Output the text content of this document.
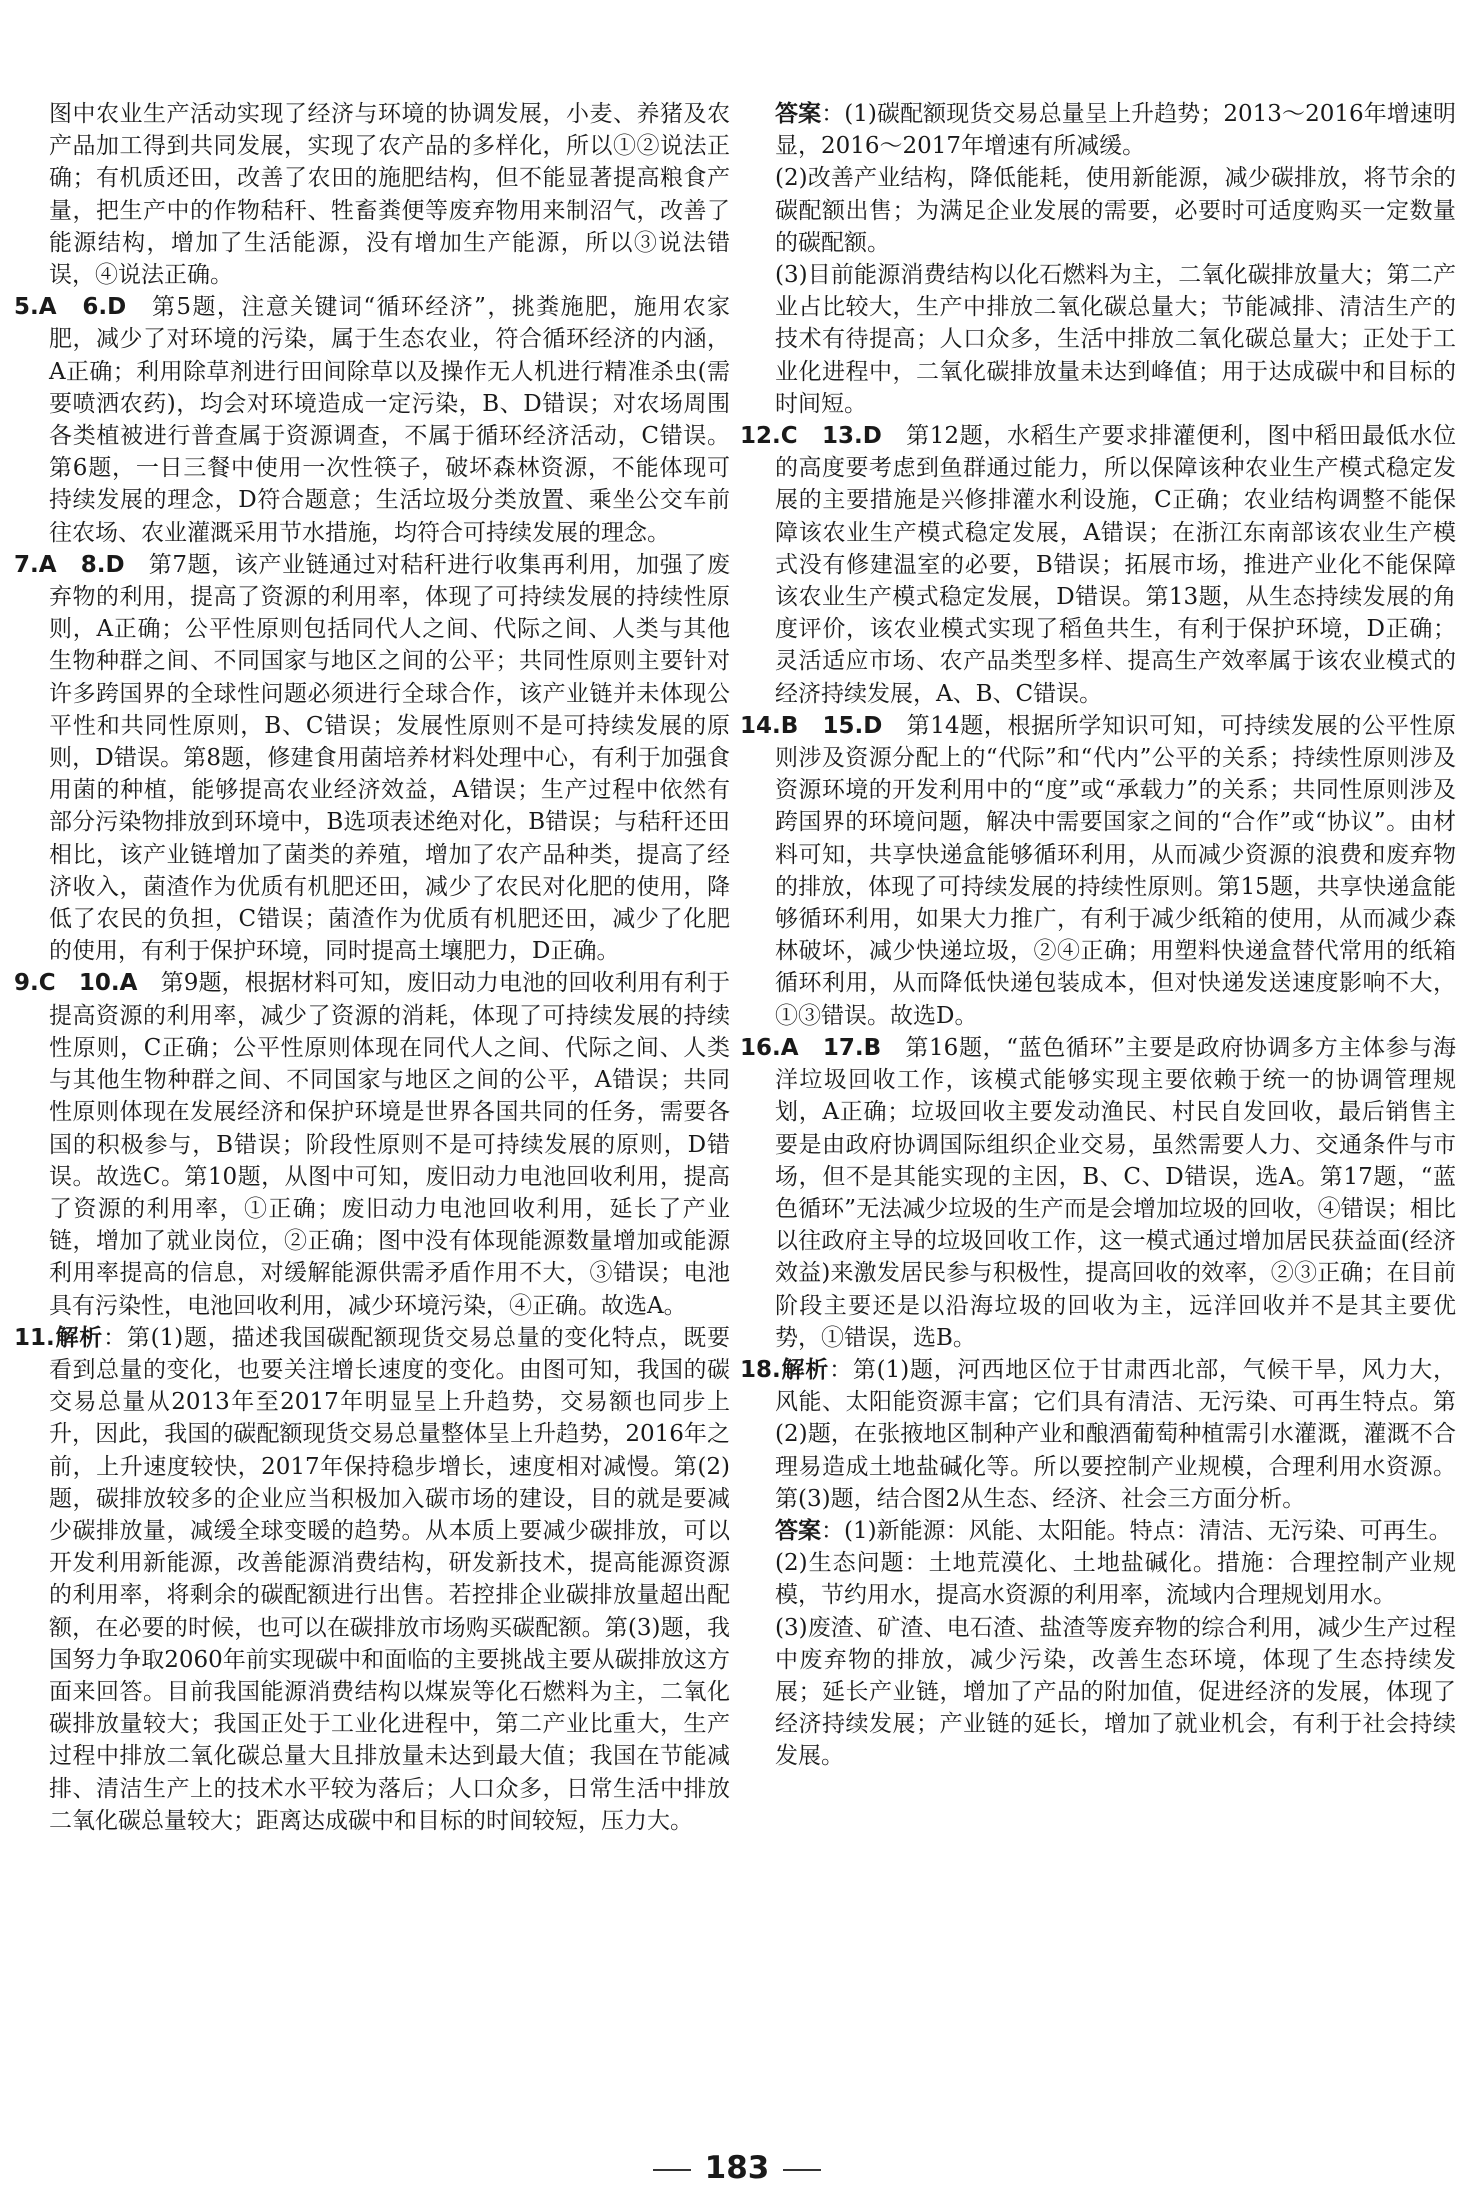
图中农业生产活动实现了经济与环境的协调发展，小麦、养猪及农产品加工得到共同发展，实现了农产品的多样化，所以①②说法正确；有机质还田，改善了农田的施肥结构，但不能显著提高粮食产量，把生产中的作物秸秆、牲畜粪便等废弃物用来制沼气，改善了能源结构，增加了生活能源，没有增加生产能源，所以③说法错误，④说法正确。

5.A　6.D　第5题，注意关键词“循环经济”，挑粪施肥，施用农家肥，减少了对环境的污染，属于生态农业，符合循环经济的内涵，A正确；利用除草剂进行田间除草以及操作无人机进行精准杀虫(需要喷洒农药)，均会对环境造成一定污染，B、D错误；对农场周围各类植被进行普查属于资源调查，不属于循环经济活动，C错误。第6题，一日三餐中使用一次性筷子，破坏森林资源，不能体现可持续发展的理念，D符合题意；生活垃圾分类放置、乘坐公交车前往农场、农业灌溉采用节水措施，均符合可持续发展的理念。

7.A　8.D　第7题，该产业链通过对秸秆进行收集再利用，加强了废弃物的利用，提高了资源的利用率，体现了可持续发展的持续性原则，A正确；公平性原则包括同代人之间、代际之间、人类与其他生物种群之间、不同国家与地区之间的公平；共同性原则主要针对许多跨国界的全球性问题必须进行全球合作，该产业链并未体现公平性和共同性原则，B、C错误；发展性原则不是可持续发展的原则，D错误。第8题，修建食用菌培养材料处理中心，有利于加强食用菌的种植，能够提高农业经济效益，A错误；生产过程中依然有部分污染物排放到环境中，B选项表述绝对化，B错误；与秸秆还田相比，该产业链增加了菌类的养殖，增加了农产品种类，提高了经济收入，菌渣作为优质有机肥还田，减少了农民对化肥的使用，降低了农民的负担，C错误；菌渣作为优质有机肥还田，减少了化肥的使用，有利于保护环境，同时提高土壤肥力，D正确。

9.C　10.A　第9题，根据材料可知，废旧动力电池的回收利用有利于提高资源的利用率，减少了资源的消耗，体现了可持续发展的持续性原则，C正确；公平性原则体现在同代人之间、代际之间、人类与其他生物种群之间、不同国家与地区之间的公平，A错误；共同性原则体现在发展经济和保护环境是世界各国共同的任务，需要各国的积极参与，B错误；阶段性原则不是可持续发展的原则，D错误。故选C。第10题，从图中可知，废旧动力电池回收利用，提高了资源的利用率，①正确；废旧动力电池回收利用，延长了产业链，增加了就业岗位，②正确；图中没有体现能源数量增加或能源利用率提高的信息，对缓解能源供需矛盾作用不大，③错误；电池具有污染性，电池回收利用，减少环境污染，④正确。故选A。

11.解析：第(1)题，描述我国碳配额现货交易总量的变化特点，既要看到总量的变化，也要关注增长速度的变化。由图可知，我国的碳交易总量从2013年至2017年明显呈上升趋势，交易额也同步上升，因此，我国的碳配额现货交易总量整体呈上升趋势，2016年之前，上升速度较快，2017年保持稳步增长，速度相对减慢。第(2)题，碳排放较多的企业应当积极加入碳市场的建设，目的就是要减少碳排放量，减缓全球变暖的趋势。从本质上要减少碳排放，可以开发利用新能源，改善能源消费结构，研发新技术，提高能源资源的利用率，将剩余的碳配额进行出售。若控排企业碳排放量超出配额，在必要的时候，也可以在碳排放市场购买碳配额。第(3)题，我国努力争取2060年前实现碳中和面临的主要挑战主要从碳排放这方面来回答。目前我国能源消费结构以煤炭等化石燃料为主，二氧化碳排放量较大；我国正处于工业化进程中，第二产业比重大，生产过程中排放二氧化碳总量大且排放量未达到最大值；我国在节能减排、清洁生产上的技术水平较为落后；人口众多，日常生活中排放二氧化碳总量较大；距离达成碳中和目标的时间较短，压力大。

答案：(1)碳配额现货交易总量呈上升趋势；2013～2016年增速明显，2016～2017年增速有所减缓。

(2)改善产业结构，降低能耗，使用新能源，减少碳排放，将节余的碳配额出售；为满足企业发展的需要，必要时可适度购买一定数量的碳配额。

(3)目前能源消费结构以化石燃料为主，二氧化碳排放量大；第二产业占比较大，生产中排放二氧化碳总量大；节能减排、清洁生产的技术有待提高；人口众多，生活中排放二氧化碳总量大；正处于工业化进程中，二氧化碳排放量未达到峰值；用于达成碳中和目标的时间短。

12.C　13.D　第12题，水稻生产要求排灌便利，图中稻田最低水位的高度要考虑到鱼群通过能力，所以保障该种农业生产模式稳定发展的主要措施是兴修排灌水利设施，C正确；农业结构调整不能保障该农业生产模式稳定发展，A错误；在浙江东南部该农业生产模式没有修建温室的必要，B错误；拓展市场，推进产业化不能保障该农业生产模式稳定发展，D错误。第13题，从生态持续发展的角度评价，该农业模式实现了稻鱼共生，有利于保护环境，D正确；灵活适应市场、农产品类型多样、提高生产效率属于该农业模式的经济持续发展，A、B、C错误。

14.B　15.D　第14题，根据所学知识可知，可持续发展的公平性原则涉及资源分配上的“代际”和“代内”公平的关系；持续性原则涉及资源环境的开发利用中的“度”或“承载力”的关系；共同性原则涉及跨国界的环境问题，解决中需要国家之间的“合作”或“协议”。由材料可知，共享快递盒能够循环利用，从而减少资源的浪费和废弃物的排放，体现了可持续发展的持续性原则。第15题，共享快递盒能够循环利用，如果大力推广，有利于减少纸箱的使用，从而减少森林破坏，减少快递垃圾，②④正确；用塑料快递盒替代常用的纸箱循环利用，从而降低快递包装成本，但对快递发送速度影响不大，①③错误。故选D。

16.A　17.B　第16题，“蓝色循环”主要是政府协调多方主体参与海洋垃圾回收工作，该模式能够实现主要依赖于统一的协调管理规划，A正确；垃圾回收主要发动渔民、村民自发回收，最后销售主要是由政府协调国际组织企业交易，虽然需要人力、交通条件与市场，但不是其能实现的主因，B、C、D错误，选A。第17题，“蓝色循环”无法减少垃圾的生产而是会增加垃圾的回收，④错误；相比以往政府主导的垃圾回收工作，这一模式通过增加居民获益面(经济效益)来激发居民参与积极性，提高回收的效率，②③正确；在目前阶段主要还是以沿海垃圾的回收为主，远洋回收并不是其主要优势，①错误，选B。

18.解析：第(1)题，河西地区位于甘肃西北部，气候干旱，风力大，风能、太阳能资源丰富；它们具有清洁、无污染、可再生特点。第(2)题，在张掖地区制种产业和酿酒葡萄种植需引水灌溉，灌溉不合理易造成土地盐碱化等。所以要控制产业规模，合理利用水资源。第(3)题，结合图2从生态、经济、社会三方面分析。

答案：(1)新能源：风能、太阳能。特点：清洁、无污染、可再生。

(2)生态问题：土地荒漠化、土地盐碱化。措施：合理控制产业规模，节约用水，提高水资源的利用率，流域内合理规划用水。

(3)废渣、矿渣、电石渣、盐渣等废弃物的综合利用，减少生产过程中废弃物的排放，减少污染，改善生态环境，体现了生态持续发展；延长产业链，增加了产品的附加值，促进经济的发展，体现了经济持续发展；产业链的延长，增加了就业机会，有利于社会持续发展。

183
